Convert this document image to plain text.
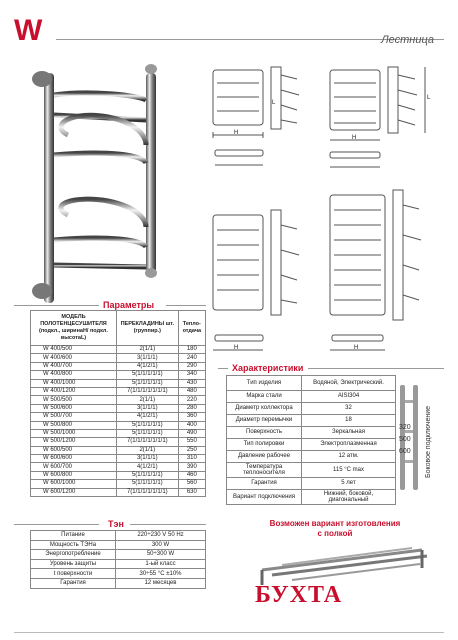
W	Лестница
H
H
L
L
H	H
Параметры
МОДЕЛЬ ПОЛОТЕНЦЕСУШИТЕЛЯ (подкл., ширинаН/ подкл. высотаL)	ПЕРЕКЛАДИНЫ шт. (группир.)	Тепло-отдача
W 400/500	2(1/1)	180
W 400/600	3(1/1/1)	240
W 400/700	4(1/2/1)	290
W 400/800	5(1/1/1/1/1)	340
W 400/1000	5(1/1/1/1/1)	430
W 400/1200	7(1/1/1/1/1/1/1)	480
W 500/500	2(1/1)	220
W 500/600	3(1/1/1)	280
W 500/700	4(1/2/1)	360
W 500/800	5(1/1/1/1/1)	400
W 500/1000	5(1/1/1/1/1)	490
W 500/1200	7(1/1/1/1/1/1/1)	550
W 600/500	2(1/1)	250
W 600/600	3(1/1/1)	310
W 600/700	4(1/2/1)	390
W 600/800	5(1/1/1/1/1)	460
W 600/1000	5(1/1/1/1/1)	560
W 600/1200	7(1/1/1/1/1/1/1)	630
Тэн
Питание	220÷230 V 50 Hz
Мощность ТЭНа	300 W
Энергопотребление	50÷300 W
Уровень защиты	1-ый класс
t поверхности	30÷55 °C ±10%
Гарантия	12 месяцев
Характеристики
Тип изделия	Водяной, Электрический.
Марка стали	AISI304
Диаметр коллектора	32
Диаметр перемычки	18
Поверхность	Зеркальная
Тип полировки	Электроплазменная
Давление рабочее	12 атм.
Температура теплоносителя	115 °С max
Гарантия	5 лет
Вариант подключения	Нижний, боковой, диагональный
320
500
600 Боковое подключение
Возможен вариант изготовления
с полкой
БУХТА
